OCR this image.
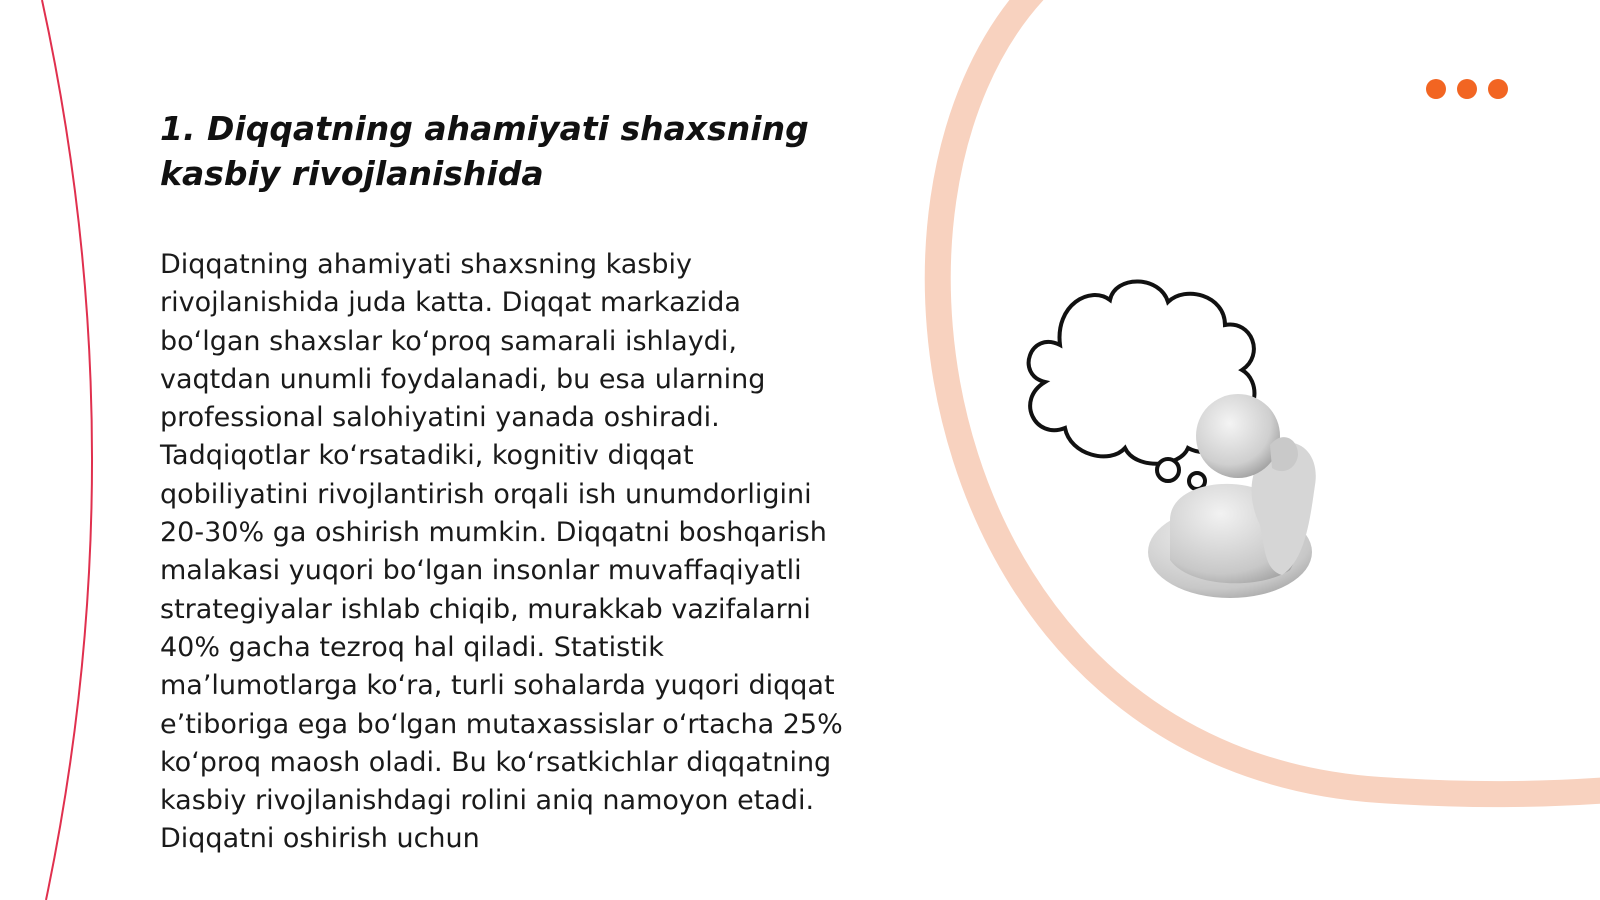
1. Diqqatning ahamiyati shaxsning kasbiy rivojlanishida

Diqqatning ahamiyati shaxsning kasbiy rivojlanishida juda katta. Diqqat markazida bo‘lgan shaxslar ko‘proq samarali ishlaydi, vaqtdan unumli foydalanadi, bu esa ularning professional salohiyatini yanada oshiradi. Tadqiqotlar ko‘rsatadiki, kognitiv diqqat qobiliyatini rivojlantirish orqali ish unumdorligini 20-30% ga oshirish mumkin. Diqqatni boshqarish malakasi yuqori bo‘lgan insonlar muvaffaqiyatli strategiyalar ishlab chiqib, murakkab vazifalarni 40% gacha tezroq hal qiladi. Statistik ma’lumotlarga ko‘ra, turli sohalarda yuqori diqqat e’tiboriga ega bo‘lgan mutaxassislar o‘rtacha 25% ko‘proq maosh oladi. Bu ko‘rsatkichlar diqqatning kasbiy rivojlanishdagi rolini aniq namoyon etadi. Diqqatni oshirish uchun
